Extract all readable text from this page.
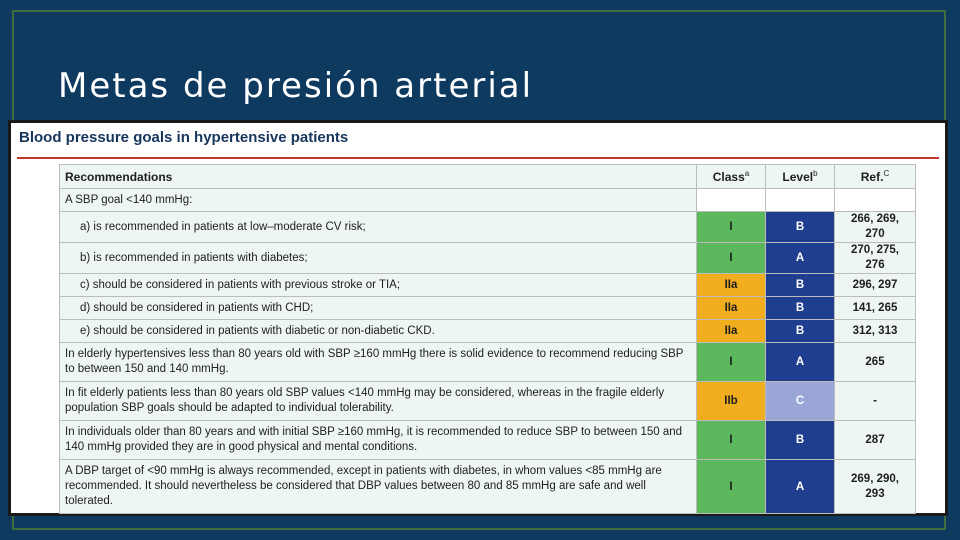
Metas de presión arterial
Blood pressure goals in hypertensive patients
Recommendations	Class$^a$	Level$^b$	Ref.$^C$
A SBP goal <140 mmHg:			
a) is recommended in patients at low–moderate CV risk;	I	B	266, 269, 270
b) is recommended in patients with diabetes;	I	A	270, 275, 276
c) should be considered in patients with previous stroke or TIA;	IIa	B	296, 297
d) should be considered in patients with CHD;	IIa	B	141, 265
e) should be considered in patients with diabetic or non-diabetic CKD.	IIa	B	312, 313
In elderly hypertensives less than 80 years old with SBP ≥160 mmHg there is solid evidence to recommend reducing SBP to between 150 and 140 mmHg.	I	A	265
In fit elderly patients less than 80 years old SBP values <140 mmHg may be considered, whereas in the fragile elderly population SBP goals should be adapted to individual tolerability.	IIb	C	-
In individuals older than 80 years and with initial SBP ≥160 mmHg, it is recommended to reduce SBP to between 150 and 140 mmHg provided they are in good physical and mental conditions.	I	B	287
A DBP target of <90 mmHg is always recommended, except in patients with diabetes, in whom values <85 mmHg are recommended. It should nevertheless be considered that DBP values between 80 and 85 mmHg are safe and well tolerated.	I	A	269, 290, 293
